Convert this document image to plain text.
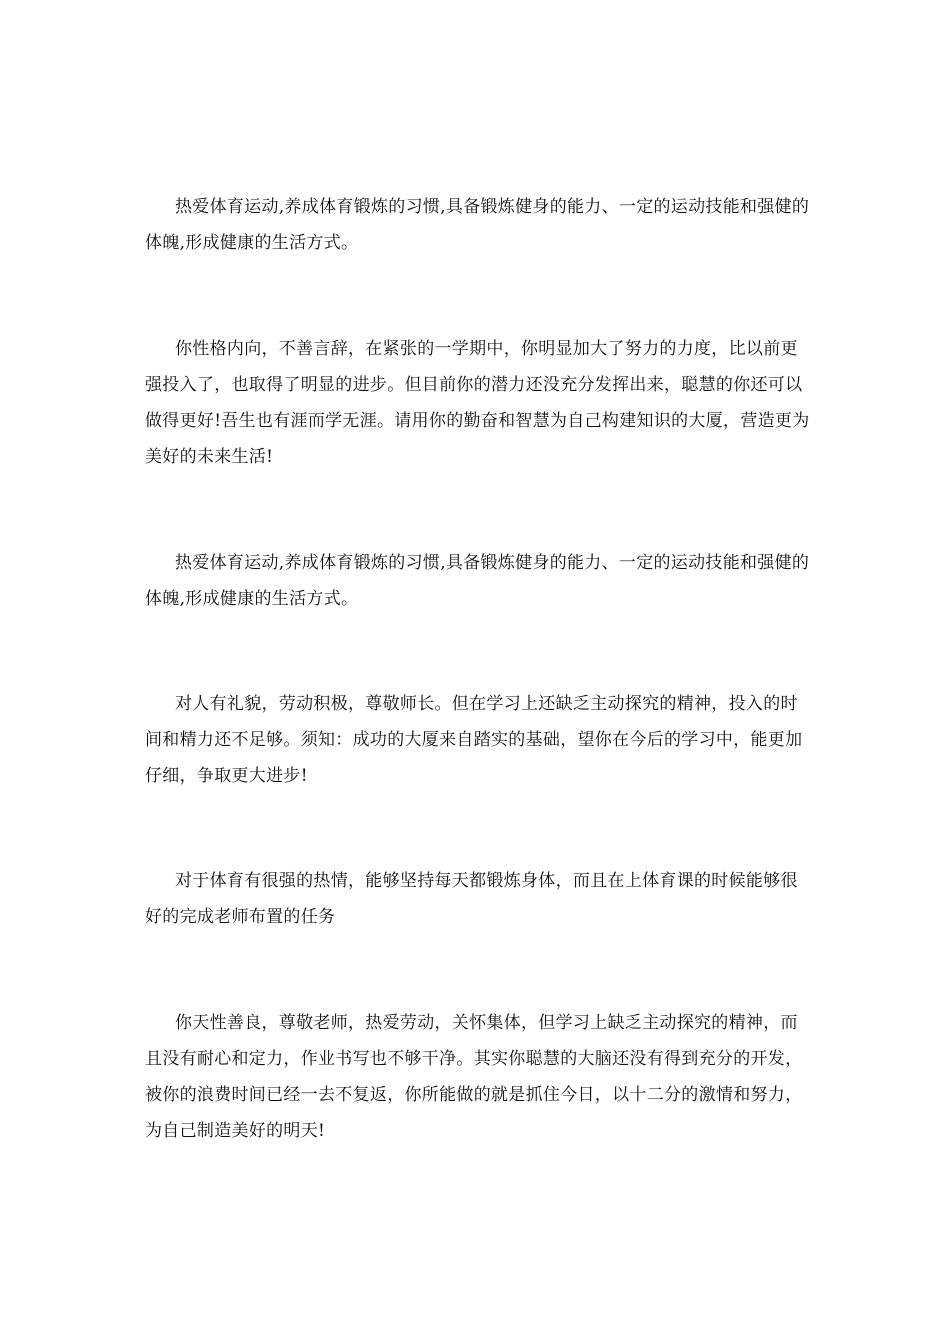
热爱体育运动,养成体育锻炼的习惯,具备锻炼健身的能力、一定的运动技能和强健的体魄,形成健康的生活方式。

你性格内向，不善言辞，在紧张的一学期中，你明显加大了努力的力度，比以前更强投入了，也取得了明显的进步。但目前你的潜力还没充分发挥出来，聪慧的你还可以做得更好!吾生也有涯而学无涯。请用你的勤奋和智慧为自己构建知识的大厦，营造更为美好的未来生活!

热爱体育运动,养成体育锻炼的习惯,具备锻炼健身的能力、一定的运动技能和强健的体魄,形成健康的生活方式。

对人有礼貌，劳动积极，尊敬师长。但在学习上还缺乏主动探究的精神，投入的时间和精力还不足够。须知：成功的大厦来自踏实的基础，望你在今后的学习中，能更加仔细，争取更大进步!

对于体育有很强的热情，能够坚持每天都锻炼身体，而且在上体育课的时候能够很好的完成老师布置的任务

你天性善良，尊敬老师，热爱劳动，关怀集体，但学习上缺乏主动探究的精神，而且没有耐心和定力，作业书写也不够干净。其实你聪慧的大脑还没有得到充分的开发，被你的浪费时间已经一去不复返，你所能做的就是抓住今日，以十二分的激情和努力，为自己制造美好的明天!
